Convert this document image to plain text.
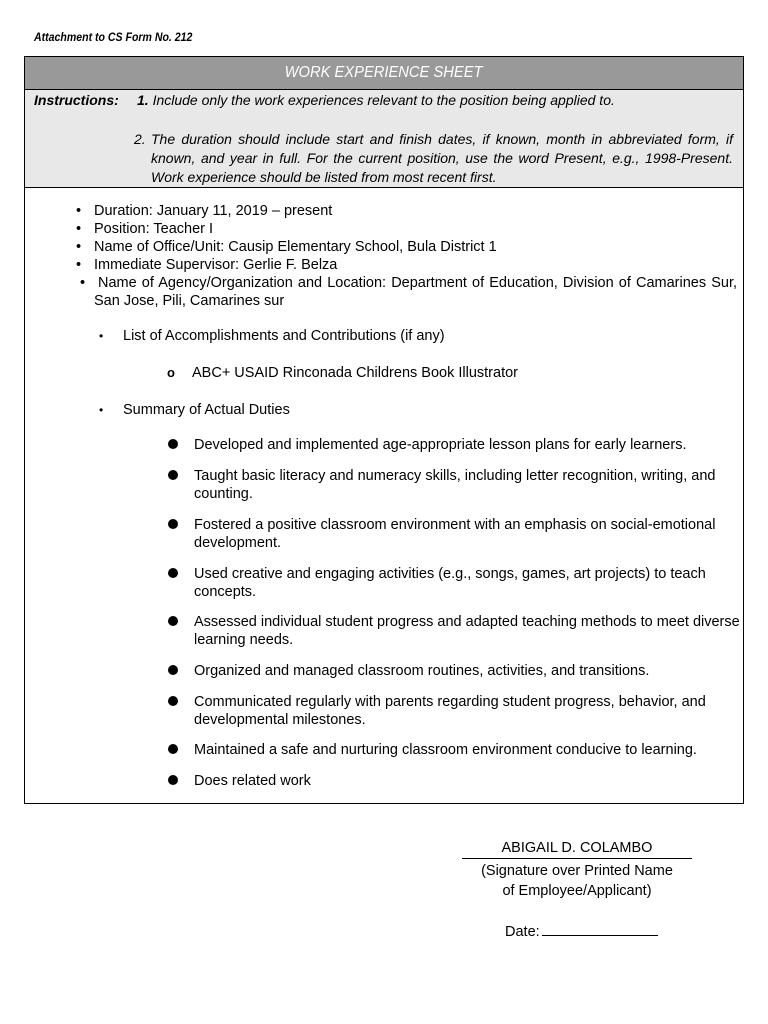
Attachment to CS Form No. 212
WORK EXPERIENCE SHEET
Instructions: 1. Include only the work experiences relevant to the position being applied to.
2. The duration should include start and finish dates, if known, month in abbreviated form, if known, and year in full. For the current position, use the word Present, e.g., 1998-Present. Work experience should be listed from most recent first.
• Duration: January 11, 2019 – present
• Position: Teacher I
• Name of Office/Unit: Causip Elementary School, Bula District 1
• Immediate Supervisor: Gerlie F. Belza
• Name of Agency/Organization and Location: Department of Education, Division of Camarines Sur, San Jose, Pili, Camarines sur
• List of Accomplishments and Contributions (if any)
o ABC+ USAID Rinconada Childrens Book Illustrator
• Summary of Actual Duties
Developed and implemented age-appropriate lesson plans for early learners.
Taught basic literacy and numeracy skills, including letter recognition, writing, and counting.
Fostered a positive classroom environment with an emphasis on social-emotional development.
Used creative and engaging activities (e.g., songs, games, art projects) to teach concepts.
Assessed individual student progress and adapted teaching methods to meet diverse learning needs.
Organized and managed classroom routines, activities, and transitions.
Communicated regularly with parents regarding student progress, behavior, and developmental milestones.
Maintained a safe and nurturing classroom environment conducive to learning.
Does related work
ABIGAIL D. COLAMBO
(Signature over Printed Name
of Employee/Applicant)
Date:
